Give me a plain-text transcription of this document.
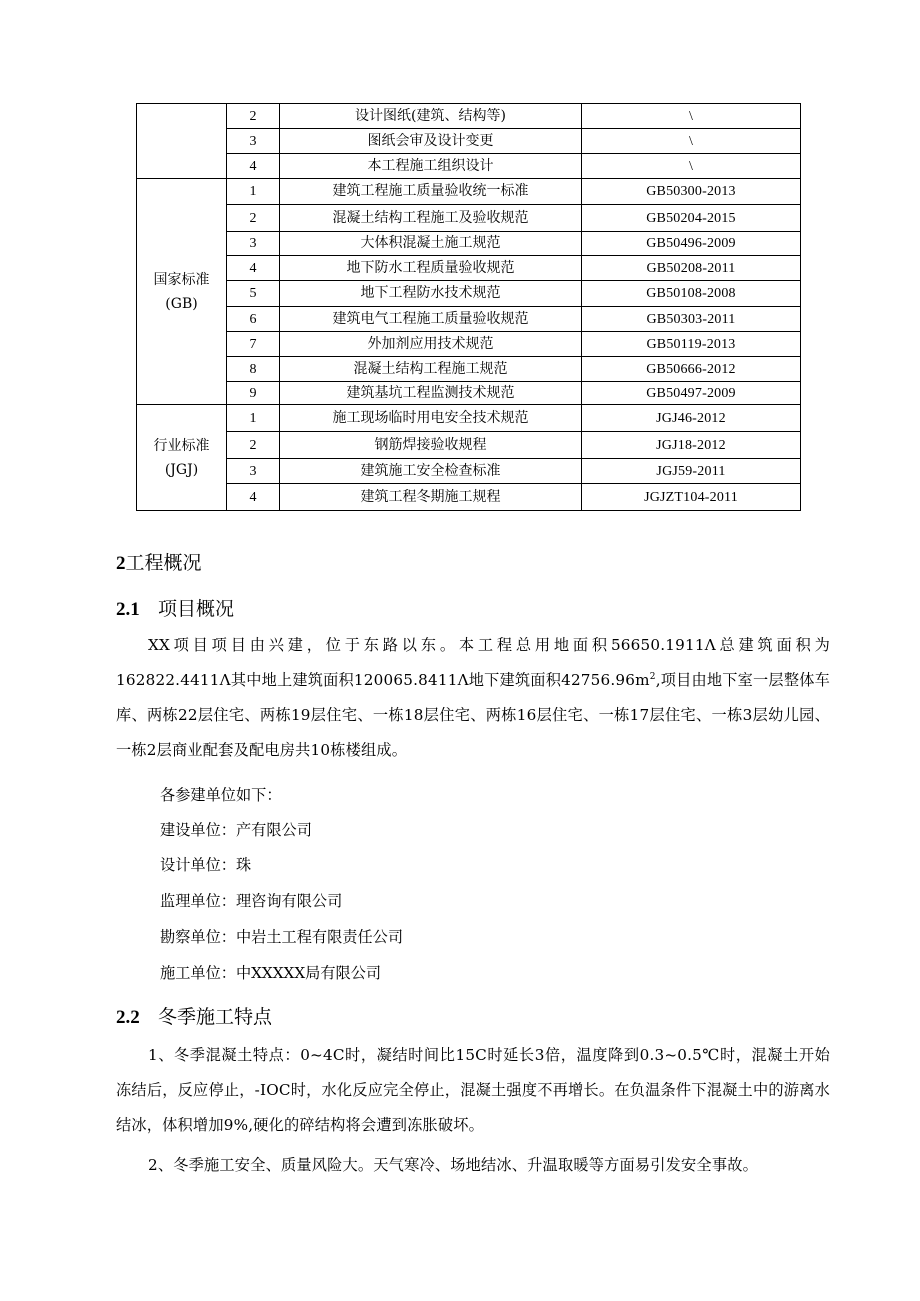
	2	设计图纸(建筑、结构等)	\
	3	图纸会审及设计变更	\
	4	本工程施工组织设计	\

国家标准
(GB)	1	建筑工程施工质量验收统一标准	GB50300-2013
	2	混凝土结构工程施工及验收规范	GB50204-2015
	3	大体积混凝土施工规范	GB50496-2009
	4	地下防水工程质量验收规范	GB50208-2011
	5	地下工程防水技术规范	GB50108-2008
	6	建筑电气工程施工质量验收规范	GB50303-2011
	7	外加剂应用技术规范	GB50119-2013
	8	混凝土结构工程施工规范	GB50666-2012
	9	建筑基坑工程监测技术规范	GB50497-2009

行业标准
(JGJ)	1	施工现场临时用电安全技术规范	JGJ46-2012
	2	钢筋焊接验收规程	JGJ18-2012
	3	建筑施工安全检查标准	JGJ59-2011
	4	建筑工程冬期施工规程	JGJZT104-2011
2工程概况
2.1 项目概况

XX项目项目由兴建，位于东路以东。本工程总用地面积56650.1911Λ总建筑面积为162822.4411Λ其中地上建筑面积120065.8411Λ地下建筑面积$42756.96m^2$,项目由地下室一层整体车库、两栋22层住宅、两栋19层住宅、一栋18层住宅、两栋16层住宅、一栋17层住宅、一栋3层幼儿园、一栋2层商业配套及配电房共10栋楼组成。

各参建单位如下：

建设单位：产有限公司

设计单位：珠

监理单位：理咨询有限公司

勘察单位：中岩土工程有限责任公司

施工单位：中XXXXX局有限公司

2.2 冬季施工特点

1、冬季混凝土特点：0~4C时，凝结时间比15C时延长3倍，温度降到0.3~0.5℃时，混凝土开始冻结后，反应停止，-IOC时，水化反应完全停止，混凝土强度不再增长。在负温条件下混凝土中的游离水结冰，体积增加9%,硬化的碎结构将会遭到冻胀破坏。

2、冬季施工安全、质量风险大。天气寒冷、场地结冰、升温取暖等方面易引发安全事故。
